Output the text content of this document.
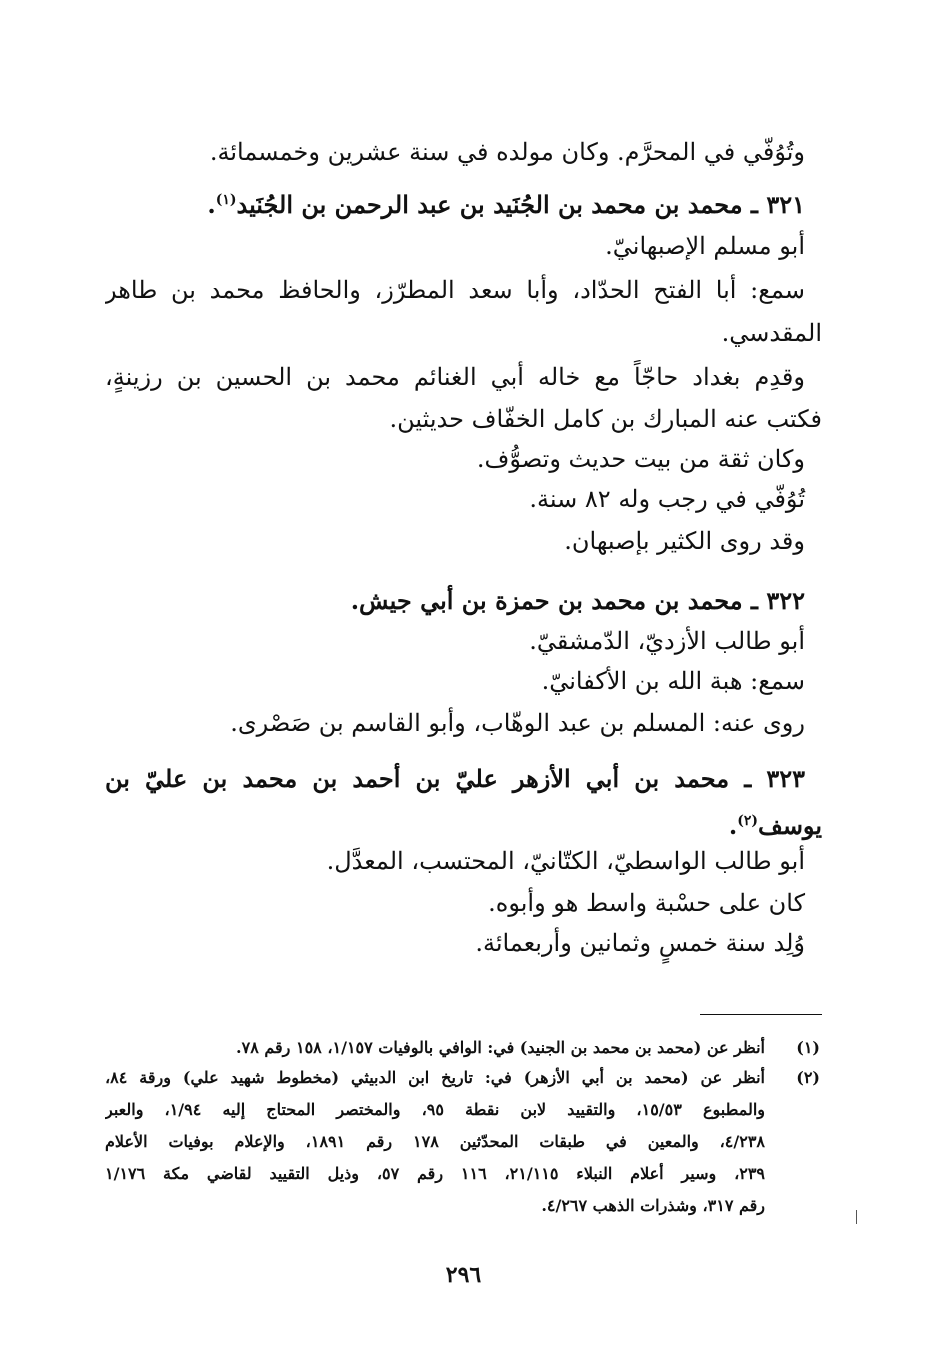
وتُوُفّي في المحرَّم. وكان مولده في سنة عشرين وخمسمائة.
٣٢١ ـ محمد بن محمد بن الجُنَيد بن عبد الرحمن بن الجُنَيد$^{(١)}$.
أبو مسلم الإصبهانيّ.
سمع: أبا الفتح الحدّاد، وأبا سعد المطرّز، والحافظ محمد بن طاهر
المقدسي.
وقدِم بغداد حاجّاً مع خاله أبي الغنائم محمد بن الحسين بن رزينةٍ،
فكتب عنه المبارك بن كامل الخفّاف حديثين.
وكان ثقة من بيت حديث وتصوُّف.
تُوُفّي في رجب وله ٨٢ سنة.
وقد روى الكثير بإصبهان.
٣٢٢ ـ محمد بن محمد بن حمزة بن أبي جيش.
أبو طالب الأزديّ، الدّمشقيّ.
سمع: هبة الله بن الأكفانيّ.
روى عنه: المسلم بن عبد الوهّاب، وأبو القاسم بن صَصْرى.
٣٢٣ ـ محمد بن أبي الأزهر عليّ بن أحمد بن محمد بن عليّ بن
يوسف$^{(٢)}$.
أبو طالب الواسطيّ، الكتّانيّ، المحتسب، المعدَّل.
كان على حسْبة واسط هو وأبوه.
وُلِد سنة خمسٍ وثمانين وأربعمائة.
(١)
أنظر عن (محمد بن محمد بن الجنيد) في: الوافي بالوفيات ١/١٥٧، ١٥٨ رقم ٧٨.
(٢)
أنظر عن (محمد بن أبي الأزهر) في: تاريخ ابن الدبيثي (مخطوط شهيد علي) ورقة ٨٤،
والمطبوع ١٥/٥٣، والتقييد لابن نقطة ٩٥، والمختصر المحتاج إليه ١/٩٤، والعبر
٤/٢٣٨، والمعين في طبقات المحدّثين ١٧٨ رقم ١٨٩١، والإعلام بوفيات الأعلام
٢٣٩، وسير أعلام النبلاء ٢١/١١٥، ١١٦ رقم ٥٧، وذيل التقييد لقاضي مكة ١/١٧٦
رقم ٣١٧، وشذرات الذهب ٤/٢٦٧.
٢٩٦
